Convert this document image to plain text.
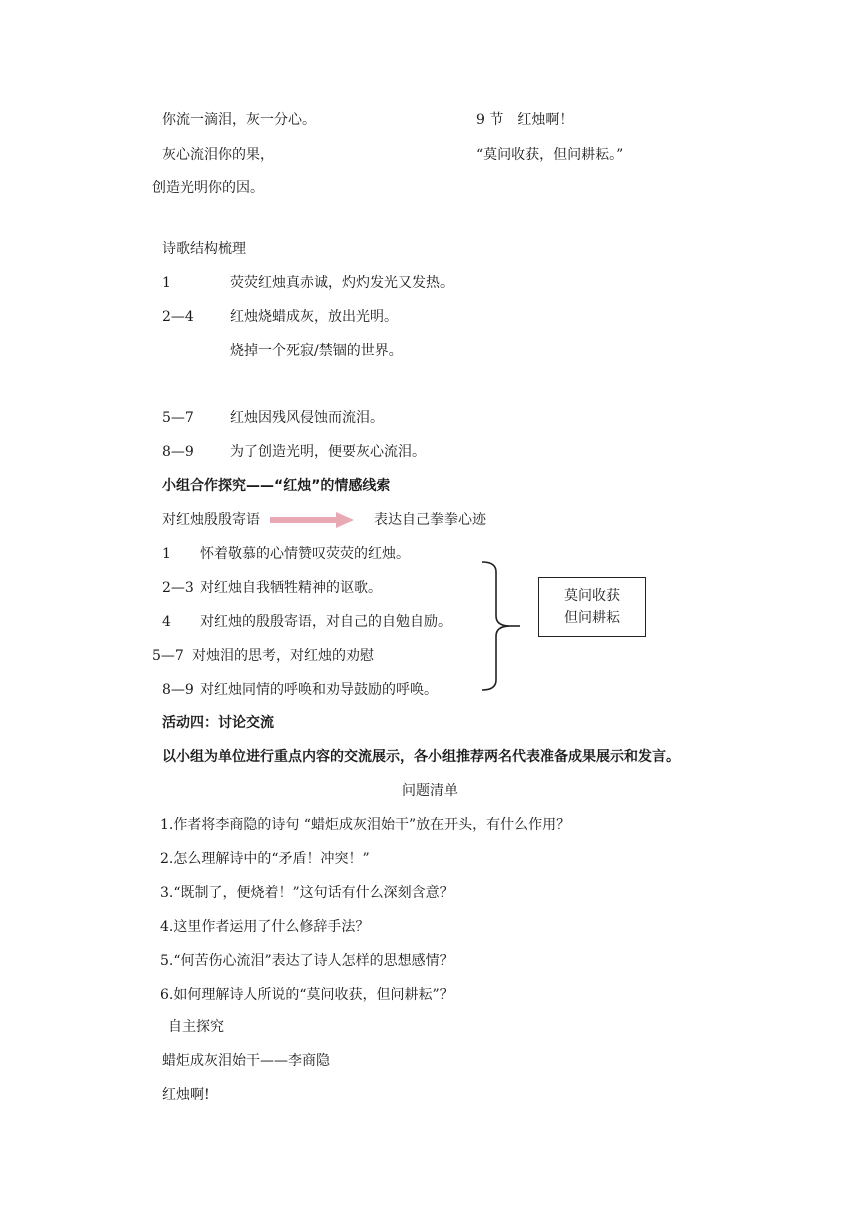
你流一滴泪，灰一分心。
灰心流泪你的果，
创造光明你的因。
9 节　红烛啊！
“莫问收获，但问耕耘。”
诗歌结构梳理
1	荧荧红烛真赤诚，灼灼发光又发热。
2—4	红烛烧蜡成灰，放出光明。
烧掉一个死寂/禁锢的世界。
5—7	红烛因残风侵蚀而流泪。
8—9	为了创造光明，便要灰心流泪。
小组合作探究——“红烛”的情感线索
对红烛殷殷寄语	表达自己拳拳心迹
1 怀着敬慕的心情赞叹荧荧的红烛。
2—3 对红烛自我牺牲精神的讴歌。
4 对红烛的殷殷寄语，对自己的自勉自励。
5—7 对烛泪的思考，对红烛的劝慰
8—9 对红烛同情的呼唤和劝导鼓励的呼唤。
莫问收获
但问耕耘
活动四：讨论交流
以小组为单位进行重点内容的交流展示，各小组推荐两名代表准备成果展示和发言。
问题清单
1.作者将李商隐的诗句 “蜡炬成灰泪始干”放在开头，有什么作用？
2.怎么理解诗中的“矛盾！冲突！”
3.“既制了，便烧着！”这句话有什么深刻含意？
4.这里作者运用了什么修辞手法？
5.“何苦伤心流泪”表达了诗人怎样的思想感情？
6.如何理解诗人所说的“莫问收获，但问耕耘”？
自主探究
蜡炬成灰泪始干——李商隐
红烛啊!
